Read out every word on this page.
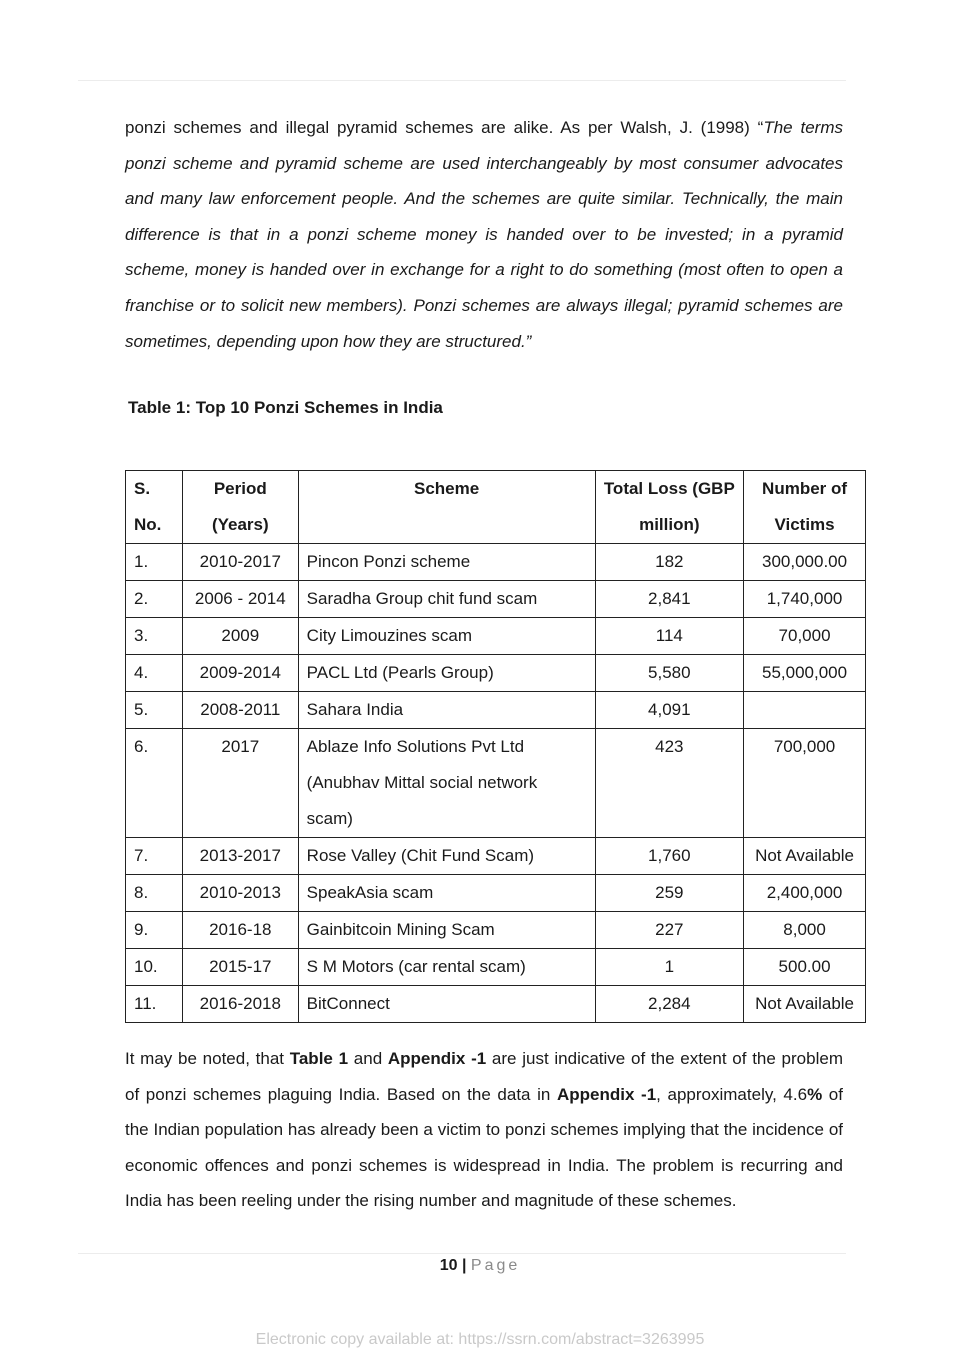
ponzi schemes and illegal pyramid schemes are alike. As per Walsh, J. (1998) “The terms ponzi scheme and pyramid scheme are used interchangeably by most consumer advocates and many law enforcement people. And the schemes are quite similar. Technically, the main difference is that in a ponzi scheme money is handed over to be invested; in a pyramid scheme, money is handed over in exchange for a right to do something (most often to open a franchise or to solicit new members). Ponzi schemes are always illegal; pyramid schemes are sometimes, depending upon how they are structured.”
Table 1: Top 10 Ponzi Schemes in India
S. No.	Period (Years)	Scheme	Total Loss (GBP million)	Number of Victims
1.	2010-2017	Pincon Ponzi scheme	182	300,000.00
2.	2006 - 2014	Saradha Group chit fund scam	2,841	1,740,000
3.	2009	City Limouzines scam	114	70,000
4.	2009-2014	PACL Ltd (Pearls Group)	5,580	55,000,000
5.	2008-2011	Sahara India	4,091	
6.	2017	Ablaze Info Solutions Pvt Ltd (Anubhav Mittal social network scam)	423	700,000
7.	2013-2017	Rose Valley (Chit Fund Scam)	1,760	Not Available
8.	2010-2013	SpeakAsia scam	259	2,400,000
9.	2016-18	Gainbitcoin Mining Scam	227	8,000
10.	2015-17	S M Motors (car rental scam)	1	500.00
11.	2016-2018	BitConnect	2,284	Not Available
It may be noted, that Table 1 and Appendix -1 are just indicative of the extent of the problem of ponzi schemes plaguing India. Based on the data in Appendix -1, approximately, 4.6% of the Indian population has already been a victim to ponzi schemes implying that the incidence of economic offences and ponzi schemes is widespread in India. The problem is recurring and India has been reeling under the rising number and magnitude of these schemes.
10 | Page
Electronic copy available at: https://ssrn.com/abstract=3263995
